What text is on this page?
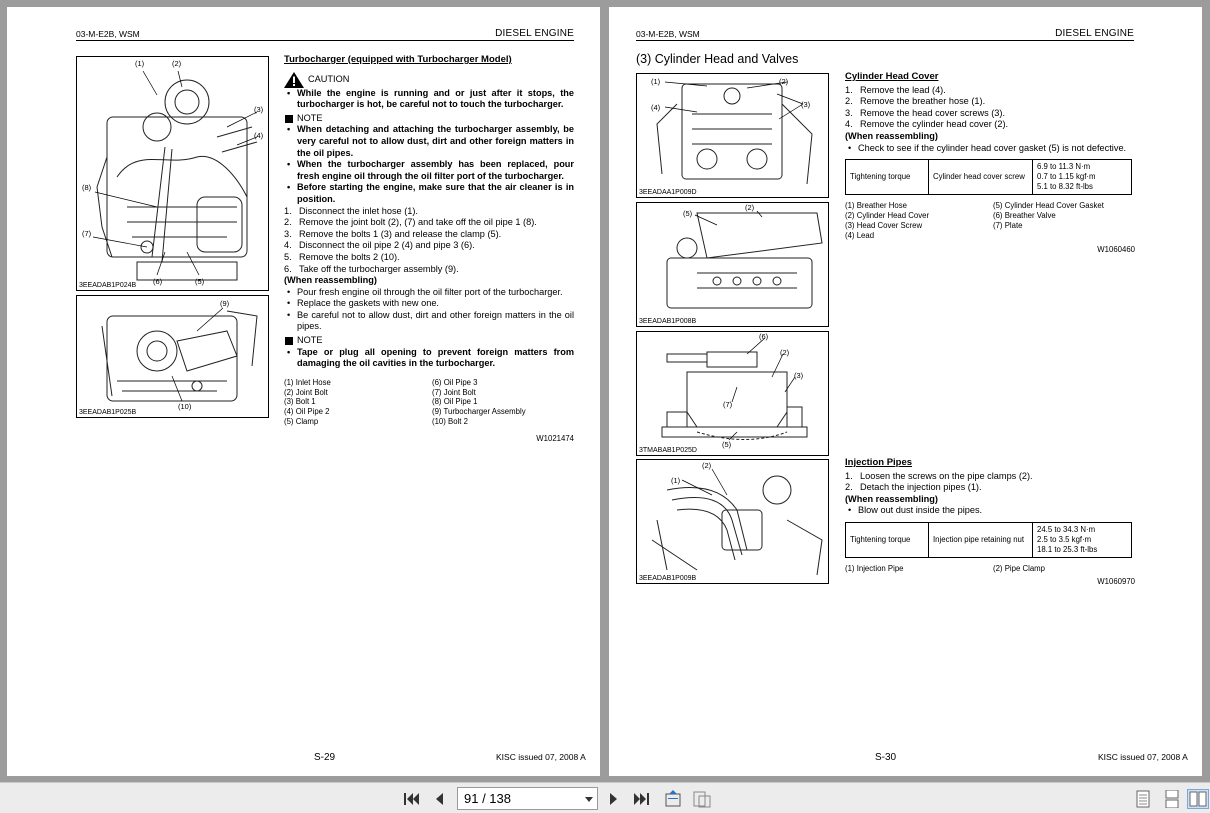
03-M-E2B, WSM	DIESEL ENGINE
(1)	(2)
(3)
(4)
(8)
(7)
(6)	(5)
3EEADAB1P024B
(9)
(10)
3EEADAB1P025B
Turbocharger (equipped with Turbocharger Model)
CAUTION
• While the engine is running and or just after it stops, the turbocharger is hot, be careful not to touch the turbocharger.
NOTE
• When detaching and attaching the turbocharger assembly, be very careful not to allow dust, dirt and other foreign matters in the oil pipes.
• When the turbocharger assembly has been replaced, pour fresh engine oil through the oil filter port of the turbocharger.
• Before starting the engine, make sure that the air cleaner is in position.
1. Disconnect the inlet hose (1).
2. Remove the joint bolt (2), (7) and take off the oil pipe 1 (8).
3. Remove the bolts 1 (3) and release the clamp (5).
4. Disconnect the oil pipe 2 (4) and pipe 3 (6).
5. Remove the bolts 2 (10).
6. Take off the turbocharger assembly (9).
(When reassembling)
• Pour fresh engine oil through the oil filter port of the turbocharger.
• Replace the gaskets with new one.
• Be careful not to allow dust, dirt and other foreign matters in the oil pipes.
NOTE
• Tape or plug all opening to prevent foreign matters from damaging the oil cavities in the turbocharger.
(1) Inlet Hose	(6) Oil Pipe 3
(2) Joint Bolt	(7) Joint Bolt
(3) Bolt 1	(8) Oil Pipe 1
(4) Oil Pipe 2	(9) Turbocharger Assembly
(5) Clamp	(10) Bolt 2
W1021474
S-29	KISC issued 07, 2008 A
03-M-E2B, WSM	DIESEL ENGINE
(3) Cylinder Head and Valves
(1)	(2)
(4)	(3)
3EEADAA1P009D
(5)
(2)
3EEADAB1P008B
(6)
(2)
(3)
(7)
(5)
3TMABAB1P025D
(2)
(1)
3EEADAB1P009B
Cylinder Head Cover
1. Remove the lead (4).
2. Remove the breather hose (1).
3. Remove the head cover screws (3).
4. Remove the cylinder head cover (2).
(When reassembling)
• Check to see if the cylinder head cover gasket (5) is not defective.
Tightening torque	Cylinder head cover screw	
6.9 to 11.3 N·m
0.7 to 1.15 kgf·m
5.1 to 8.32 ft-lbs
(1) Breather Hose	(5) Cylinder Head Cover Gasket
(2) Cylinder Head Cover	(6) Breather Valve
(3) Head Cover Screw	(7) Plate
(4) Lead
W1060460
Injection Pipes
1. Loosen the screws on the pipe clamps (2).
2. Detach the injection pipes (1).
(When reassembling)
• Blow out dust inside the pipes.
Tightening torque	Injection pipe retaining nut	
24.5 to 34.3 N·m
2.5 to 3.5 kgf·m
18.1 to 25.3 ft-lbs
(1) Injection Pipe	(2) Pipe Clamp
W1060970
S-30	KISC issued 07, 2008 A
91 / 138
